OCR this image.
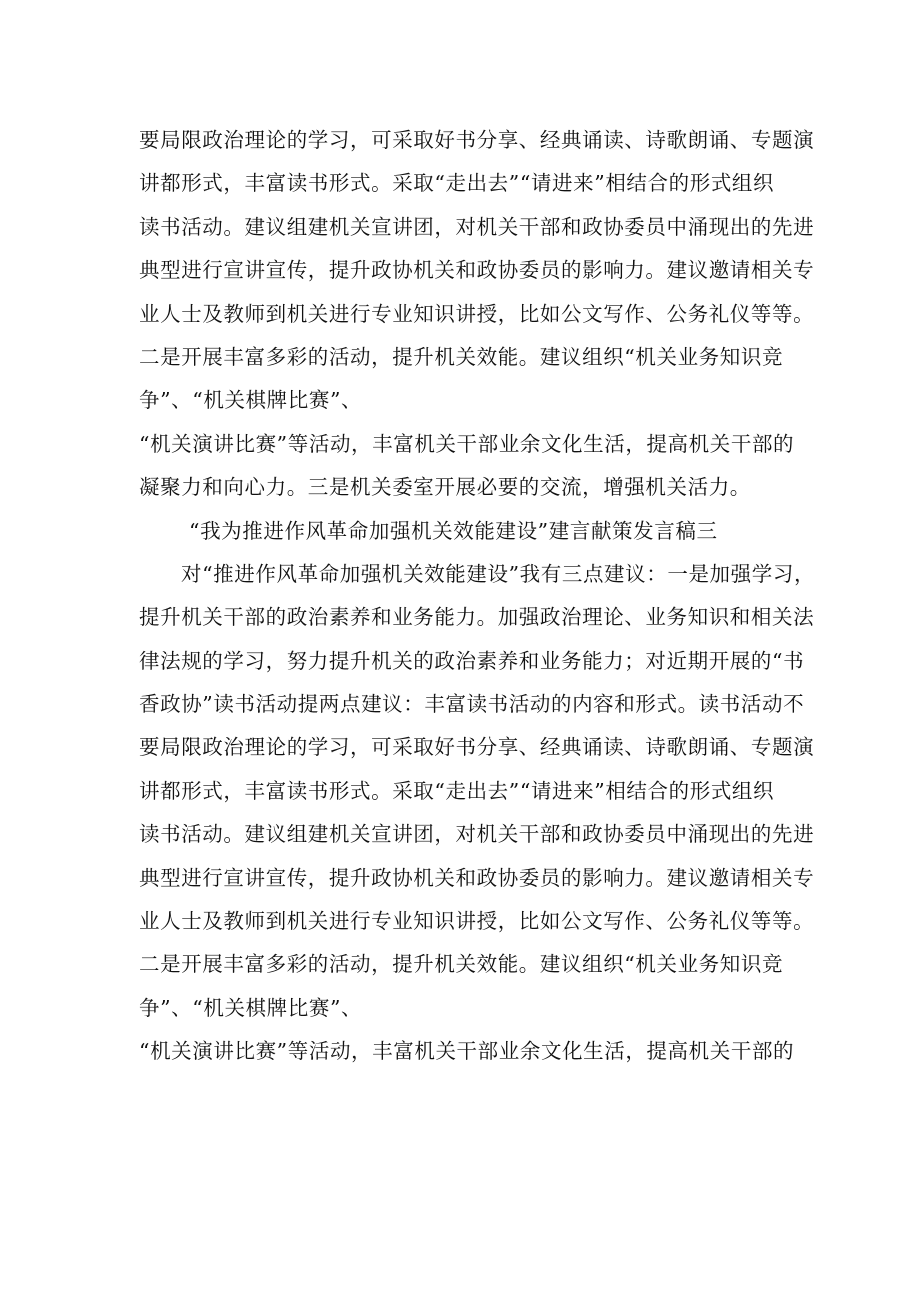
要局限政治理论的学习，可采取好书分享、经典诵读、诗歌朗诵、专题演
讲都形式，丰富读书形式。采取“走出去”“请进来”相结合的形式组织
读书活动。建议组建机关宣讲团，对机关干部和政协委员中涌现出的先进
典型进行宣讲宣传，提升政协机关和政协委员的影响力。建议邀请相关专
业人士及教师到机关进行专业知识讲授，比如公文写作、公务礼仪等等。
二是开展丰富多彩的活动，提升机关效能。建议组织“机关业务知识竞
争”、“机关棋牌比赛”、
“机关演讲比赛”等活动，丰富机关干部业余文化生活，提高机关干部的
凝聚力和向心力。三是机关委室开展必要的交流，增强机关活力。
“我为推进作风革命加强机关效能建设”建言献策发言稿三
对“推进作风革命加强机关效能建设”我有三点建议：一是加强学习，
提升机关干部的政治素养和业务能力。加强政治理论、业务知识和相关法
律法规的学习，努力提升机关的政治素养和业务能力；对近期开展的“书
香政协”读书活动提两点建议：丰富读书活动的内容和形式。读书活动不
要局限政治理论的学习，可采取好书分享、经典诵读、诗歌朗诵、专题演
讲都形式，丰富读书形式。采取“走出去”“请进来”相结合的形式组织
读书活动。建议组建机关宣讲团，对机关干部和政协委员中涌现出的先进
典型进行宣讲宣传，提升政协机关和政协委员的影响力。建议邀请相关专
业人士及教师到机关进行专业知识讲授，比如公文写作、公务礼仪等等。
二是开展丰富多彩的活动，提升机关效能。建议组织“机关业务知识竞
争”、“机关棋牌比赛”、
“机关演讲比赛”等活动，丰富机关干部业余文化生活，提高机关干部的
